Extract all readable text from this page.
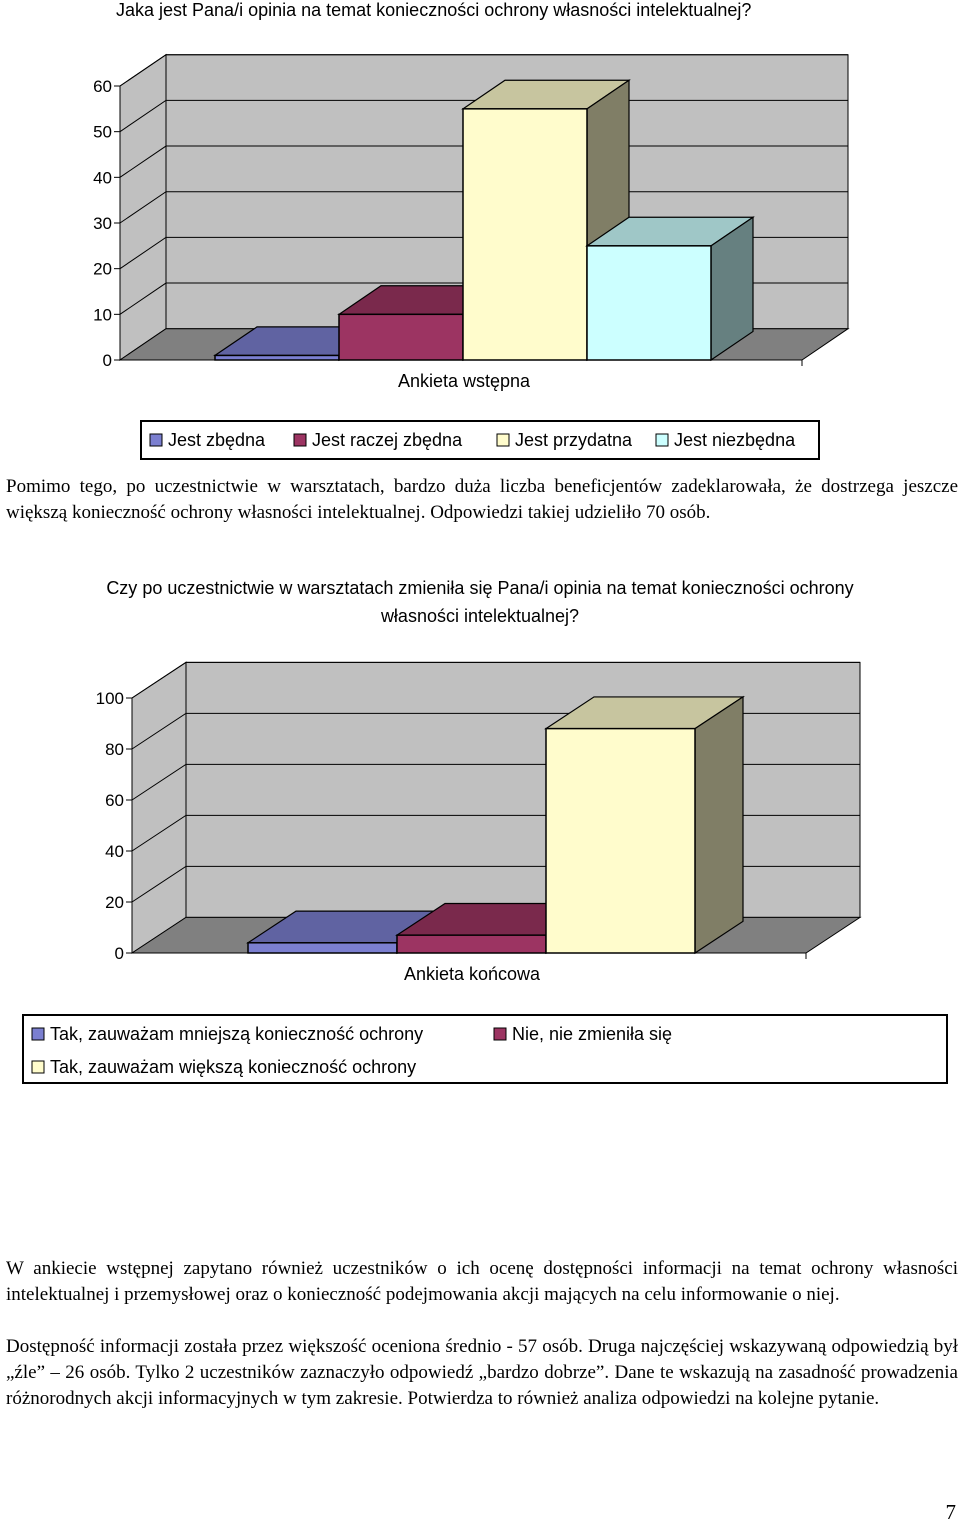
Jaka jest Pana/i opinia na temat konieczności ochrony własności intelektualnej?
0
10
20
30
40
50
60
Ankieta wstępna
Jest zbędna	Jest raczej zbędna	Jest przydatna Jest niezbędna
Pomimo tego, po uczestnictwie w warsztatach, bardzo duża liczba beneficjentów zadeklarowała, że dostrzega jeszcze większą konieczność ochrony własności intelektualnej. Odpowiedzi takiej udzieliło 70 osób.
Czy po uczestnictwie w warsztatach zmieniła się Pana/i opinia na temat konieczności ochrony własności intelektualnej?
0
20
40
60
80
100
Ankieta końcowa
Tak, zauważam mniejszą konieczność ochrony	Nie, nie zmieniła się
Tak, zauważam większą konieczność ochrony
W ankiecie wstępnej zapytano również uczestników o ich ocenę dostępności informacji na temat ochrony własności intelektualnej i przemysłowej oraz o konieczność podejmowania akcji mających na celu informowanie o niej.
Dostępność informacji została przez większość oceniona średnio - 57 osób. Druga najczęściej wskazywaną odpowiedzią był „źle” – 26 osób. Tylko 2 uczestników zaznaczyło odpowiedź „bardzo dobrze”. Dane te wskazują na zasadność prowadzenia różnorodnych akcji informacyjnych w tym zakresie. Potwierdza to również analiza odpowiedzi na kolejne pytanie.
7
